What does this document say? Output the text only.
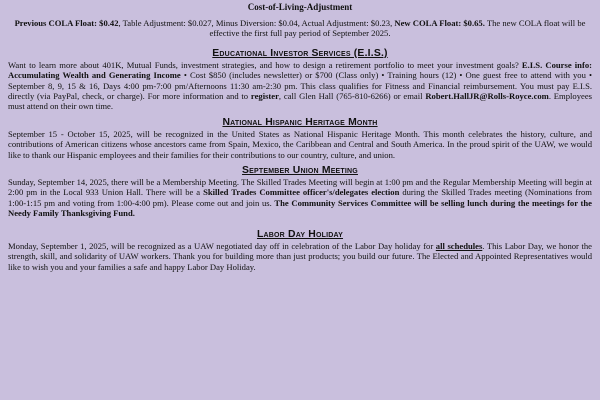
Cost-of-Living-Adjustment

Previous COLA Float: $0.42, Table Adjustment: $0.027, Minus Diversion: $0.04, Actual Adjustment: $0.23, New COLA Float: $0.65. The new COLA float will be effective the first full pay period of September 2025.

Educational Investor Services (E.I.S.)

Want to learn more about 401K, Mutual Funds, investment strategies, and how to design a retirement portfolio to meet your investment goals? E.I.S. Course info: Accumulating Wealth and Generating Income • Cost $850 (includes newsletter) or $700 (Class only) • Training hours (12) • One guest free to attend with you • September 8, 9, 15 & 16, Days 4:00 pm-7:00 pm/Afternoons 11:30 am-2:30 pm. This class qualifies for Fitness and Financial reimbursement. You must pay E.I.S. directly (via PayPal, check, or charge). For more information and to register, call Glen Hall (765-810-6266) or email Robert.HallJR@Rolls-Royce.com. Employees must attend on their own time.

National Hispanic Heritage Month

September 15 - October 15, 2025, will be recognized in the United States as National Hispanic Heritage Month. This month celebrates the history, culture, and contributions of American citizens whose ancestors came from Spain, Mexico, the Caribbean and Central and South America. In the proud spirit of the UAW, we would like to thank our Hispanic employees and their families for their contributions to our country, culture, and union.

September Union Meeting

Sunday, September 14, 2025, there will be a Membership Meeting. The Skilled Trades Meeting will begin at 1:00 pm and the Regular Membership Meeting will begin at 2:00 pm in the Local 933 Union Hall. There will be a Skilled Trades Committee officer's/delegates election during the Skilled Trades meeting (Nominations from 1:00-1:15 pm and voting from 1:00-4:00 pm). Please come out and join us. The Community Services Committee will be selling lunch during the meetings for the Needy Family Thanksgiving Fund.

Labor Day Holiday

Monday, September 1, 2025, will be recognized as a UAW negotiated day off in celebration of the Labor Day holiday for all schedules. This Labor Day, we honor the strength, skill, and solidarity of UAW workers. Thank you for building more than just products; you build our future. The Elected and Appointed Representatives would like to wish you and your families a safe and happy Labor Day Holiday.
